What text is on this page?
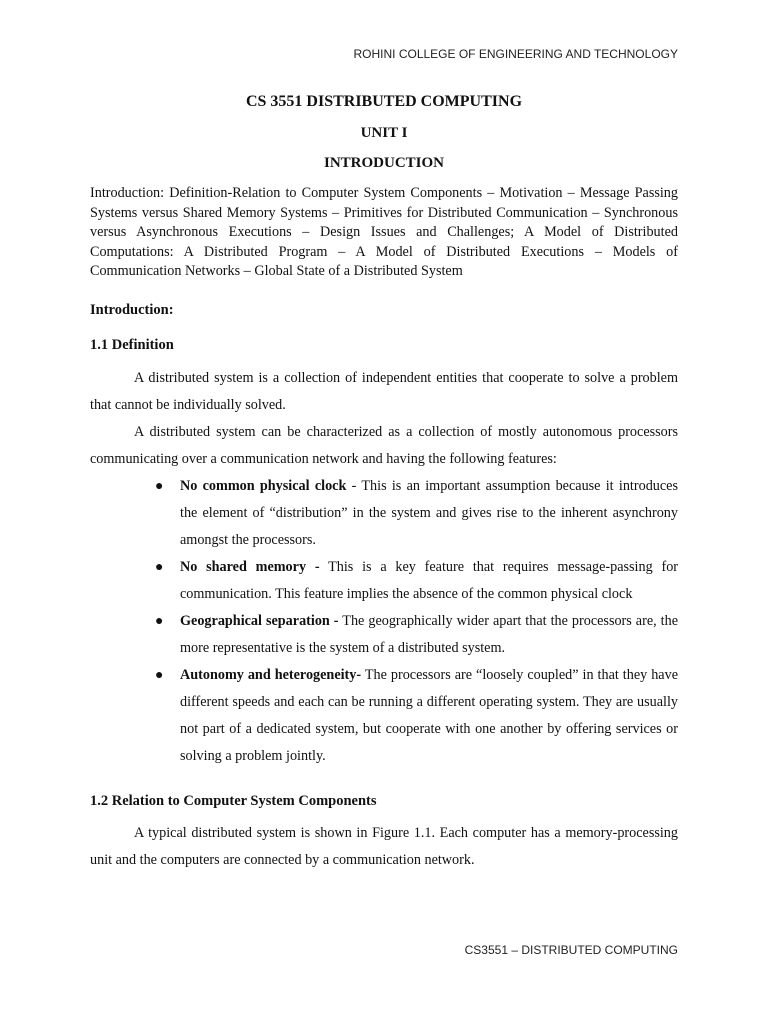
ROHINI COLLEGE OF ENGINEERING AND TECHNOLOGY
CS 3551 DISTRIBUTED COMPUTING
UNIT I
INTRODUCTION
Introduction: Definition-Relation to Computer System Components – Motivation – Message Passing Systems versus Shared Memory Systems – Primitives for Distributed Communication – Synchronous versus Asynchronous Executions – Design Issues and Challenges; A Model of Distributed Computations: A Distributed Program – A Model of Distributed Executions – Models of Communication Networks – Global State of a Distributed System
Introduction:
1.1 Definition
A distributed system is a collection of independent entities that cooperate to solve a problem that cannot be individually solved.
A distributed system can be characterized as a collection of mostly autonomous processors communicating over a communication network and having the following features:
● No common physical clock - This is an important assumption because it introduces the element of “distribution” in the system and gives rise to the inherent asynchrony amongst the processors.
● No shared memory - This is a key feature that requires message-passing for communication. This feature implies the absence of the common physical clock
● Geographical separation - The geographically wider apart that the processors are, the more representative is the system of a distributed system.
● Autonomy and heterogeneity- The processors are “loosely coupled” in that they have different speeds and each can be running a different operating system. They are usually not part of a dedicated system, but cooperate with one another by offering services or solving a problem jointly.
1.2 Relation to Computer System Components
A typical distributed system is shown in Figure 1.1. Each computer has a memory-processing unit and the computers are connected by a communication network.
CS3551 – DISTRIBUTED COMPUTING
